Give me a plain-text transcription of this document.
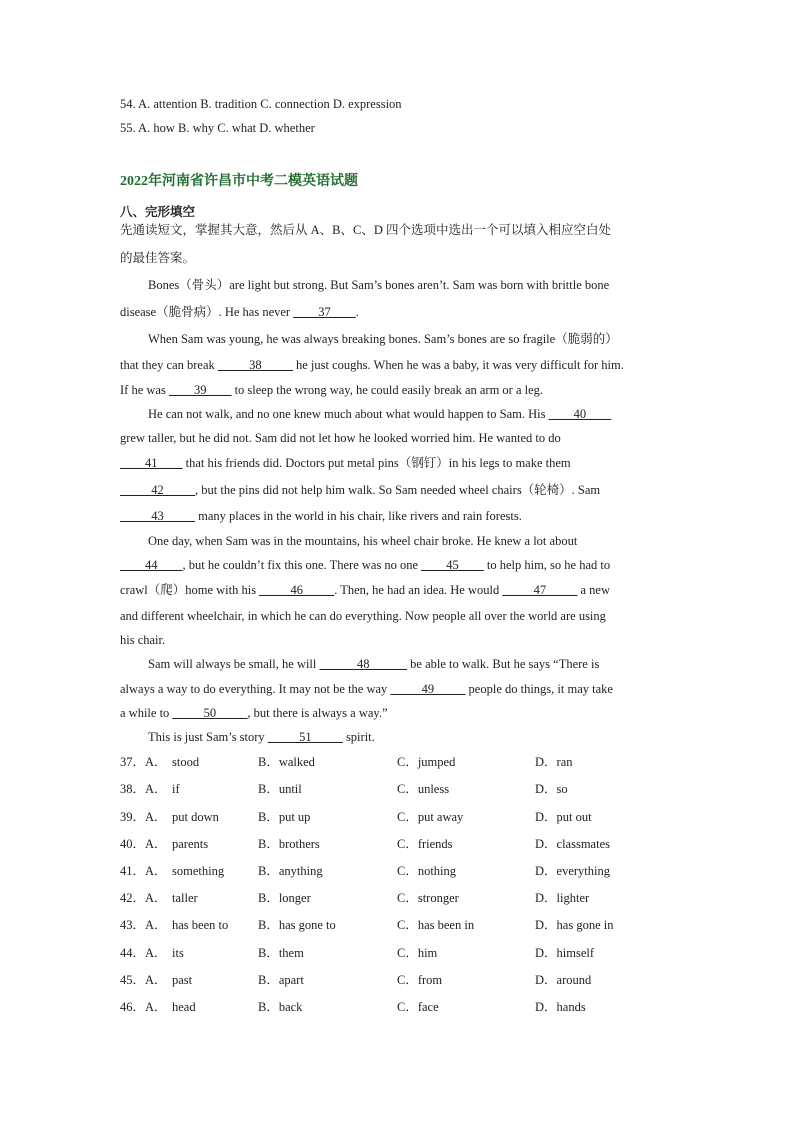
54. A. attention B. tradition C. connection D. expression
55. A. how B. why C. what D. whether
2022年河南省许昌市中考二模英语试题
八、完形填空
先通读短文，掌握其大意，然后从 A、B、C、D 四个选项中选出一个可以填入相应空白处
的最佳答案。
Bones（骨头）are light but strong. But Sam’s bones aren’t. Sam was born with brittle bone
disease（脆骨病）. He has never ____37____.
When Sam was young, he was always breaking bones. Sam’s bones are so fragile（脆弱的）
that they can break _____38_____ he just coughs. When he was a baby, it was very difficult for him.
If he was ____39____ to sleep the wrong way, he could easily break an arm or a leg.
He can not walk, and no one knew much about what would happen to Sam. His ____40____
grew taller, but he did not. Sam did not let how he looked worried him. He wanted to do
____41____ that his friends did. Doctors put metal pins（钢钉）in his legs to make them
_____42_____, but the pins did not help him walk. So Sam needed wheel chairs（轮椅）. Sam
_____43_____ many places in the world in his chair, like rivers and rain forests.
One day, when Sam was in the mountains, his wheel chair broke. He knew a lot about
____44____, but he couldn’t fix this one. There was no one ____45____ to help him, so he had to
crawl（爬）home with his _____46_____. Then, he had an idea. He would _____47_____ a new
and different wheelchair, in which he can do everything. Now people all over the world are using
his chair.
Sam will always be small, he will ______48______ be able to walk. But he says “There is
always a way to do everything. It may not be the way _____49_____ people do things, it may take
a while to _____50_____, but there is always a way.”
This is just Sam’s story _____51_____ spirit.
37．A． stood	B．walked	C．jumped	D．ran
38．A． if	B．until	C．unless	D．so
39．A． put down	B．put up	C．put away	D．put out
40．A． parents	B．brothers	C．friends	D．classmates
41．A． something	B．anything	C．nothing	D．everything
42．A． taller	B．longer	C．stronger	D．lighter
43．A． has been to B．has gone to	C．has been in	D．has gone in
44．A． its	B．them	C．him	D．himself
45．A． past	B．apart	C．from	D．around
46．A． head	B．back	C．face	D．hands
